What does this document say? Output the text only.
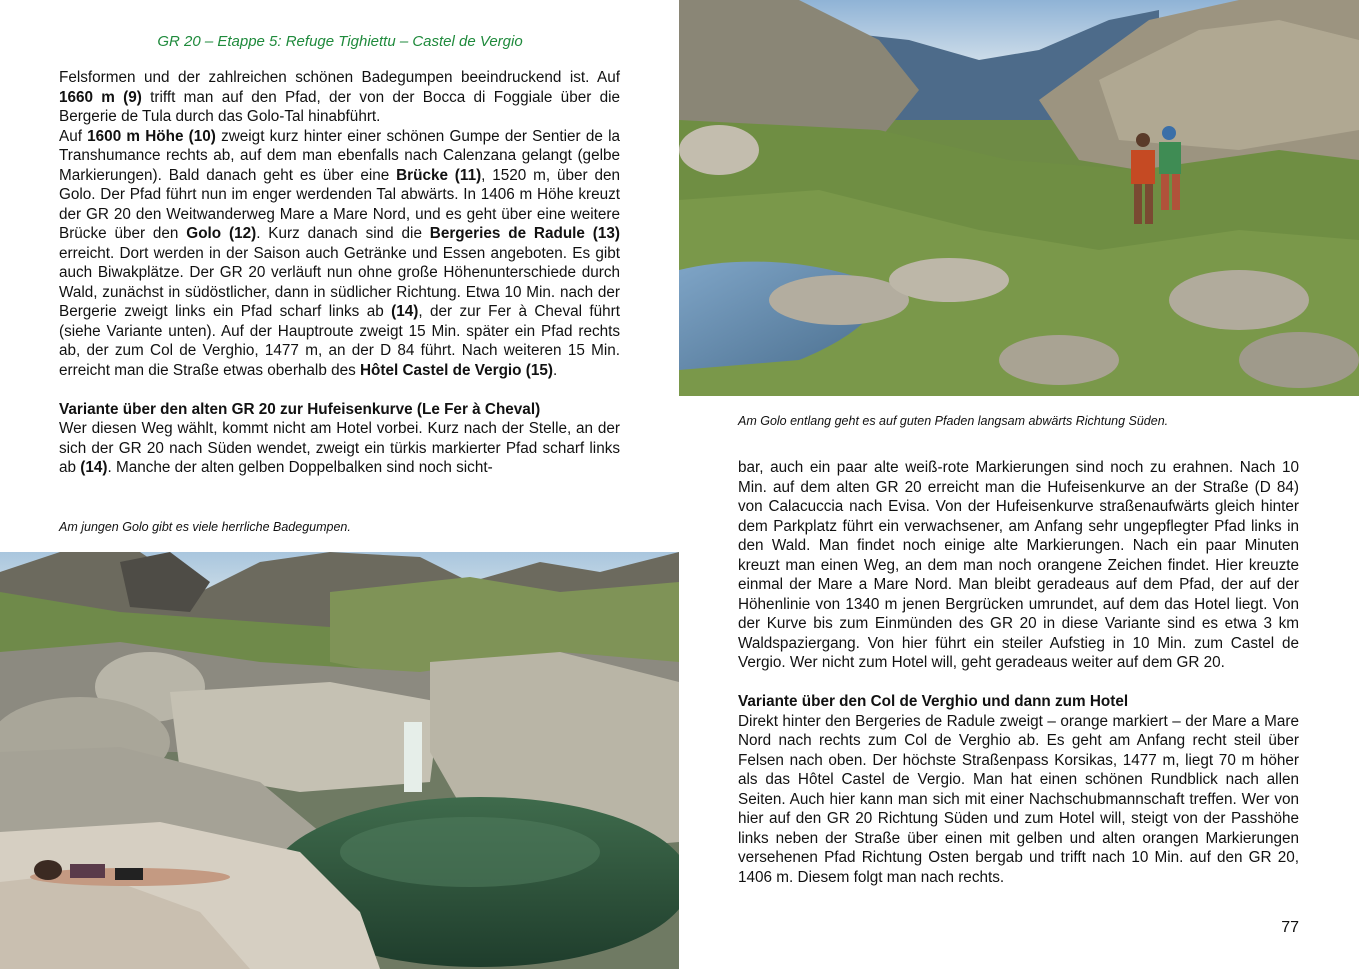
GR 20 – Etappe 5: Refuge Tighiettu – Castel de Vergio

Felsformen und der zahlreichen schönen Badegumpen beeindruckend ist. Auf 1660 m (9) trifft man auf den Pfad, der von der Bocca di Foggiale über die Bergerie de Tula durch das Golo-Tal hinabführt.

Auf 1600 m Höhe (10) zweigt kurz hinter einer schönen Gumpe der Sentier de la Transhumance rechts ab, auf dem man ebenfalls nach Calenzana gelangt (gelbe Markierungen). Bald danach geht es über eine Brücke (11), 1520 m, über den Golo. Der Pfad führt nun im enger werdenden Tal abwärts. In 1406 m Höhe kreuzt der GR 20 den Weitwanderweg Mare a Mare Nord, und es geht über eine weitere Brücke über den Golo (12). Kurz danach sind die Bergeries de Radule (13) erreicht. Dort werden in der Saison auch Getränke und Essen angeboten. Es gibt auch Biwakplätze. Der GR 20 verläuft nun ohne große Höhenunterschiede durch Wald, zunächst in südöstlicher, dann in südlicher Richtung. Etwa 10 Min. nach der Bergerie zweigt links ein Pfad scharf links ab (14), der zur Fer à Cheval führt (siehe Variante unten). Auf der Hauptroute zweigt 15 Min. später ein Pfad rechts ab, der zum Col de Verghio, 1477 m, an der D 84 führt. Nach weiteren 15 Min. erreicht man die Straße etwas oberhalb des Hôtel Castel de Vergio (15).

Variante über den alten GR 20 zur Hufeisenkurve (Le Fer à Cheval)

Wer diesen Weg wählt, kommt nicht am Hotel vorbei. Kurz nach der Stelle, an der sich der GR 20 nach Süden wendet, zweigt ein türkis markierter Pfad scharf links ab (14). Manche der alten gelben Doppelbalken sind noch sicht-

Am jungen Golo gibt es viele herrliche Badegumpen.
Am Golo entlang geht es auf guten Pfaden langsam abwärts Richtung Süden.

bar, auch ein paar alte weiß-rote Markierungen sind noch zu erahnen. Nach 10 Min. auf dem alten GR 20 erreicht man die Hufeisenkurve an der Straße (D 84) von Calacuccia nach Evisa. Von der Hufeisenkurve straßenaufwärts gleich hinter dem Parkplatz führt ein verwachsener, am Anfang sehr ungepflegter Pfad links in den Wald. Man findet noch einige alte Markierungen. Nach ein paar Minuten kreuzt man einen Weg, an dem man noch orangene Zeichen findet. Hier kreuzte einmal der Mare a Mare Nord. Man bleibt geradeaus auf dem Pfad, der auf der Höhenlinie von 1340 m jenen Bergrücken umrundet, auf dem das Hotel liegt. Von der Kurve bis zum Einmünden des GR 20 in diese Variante sind es etwa 3 km Waldspaziergang. Von hier führt ein steiler Aufstieg in 10 Min. zum Castel de Vergio. Wer nicht zum Hotel will, geht geradeaus weiter auf dem GR 20.

Variante über den Col de Verghio und dann zum Hotel

Direkt hinter den Bergeries de Radule zweigt – orange markiert – der Mare a Mare Nord nach rechts zum Col de Verghio ab. Es geht am Anfang recht steil über Felsen nach oben. Der höchste Straßenpass Korsikas, 1477 m, liegt 70 m höher als das Hôtel Castel de Vergio. Man hat einen schönen Rundblick nach allen Seiten. Auch hier kann man sich mit einer Nachschubmannschaft treffen. Wer von hier auf den GR 20 Richtung Süden und zum Hotel will, steigt von der Passhöhe links neben der Straße über einen mit gelben und alten orangen Markierungen versehenen Pfad Richtung Osten bergab und trifft nach 10 Min. auf den GR 20, 1406 m. Diesem folgt man nach rechts.

77
